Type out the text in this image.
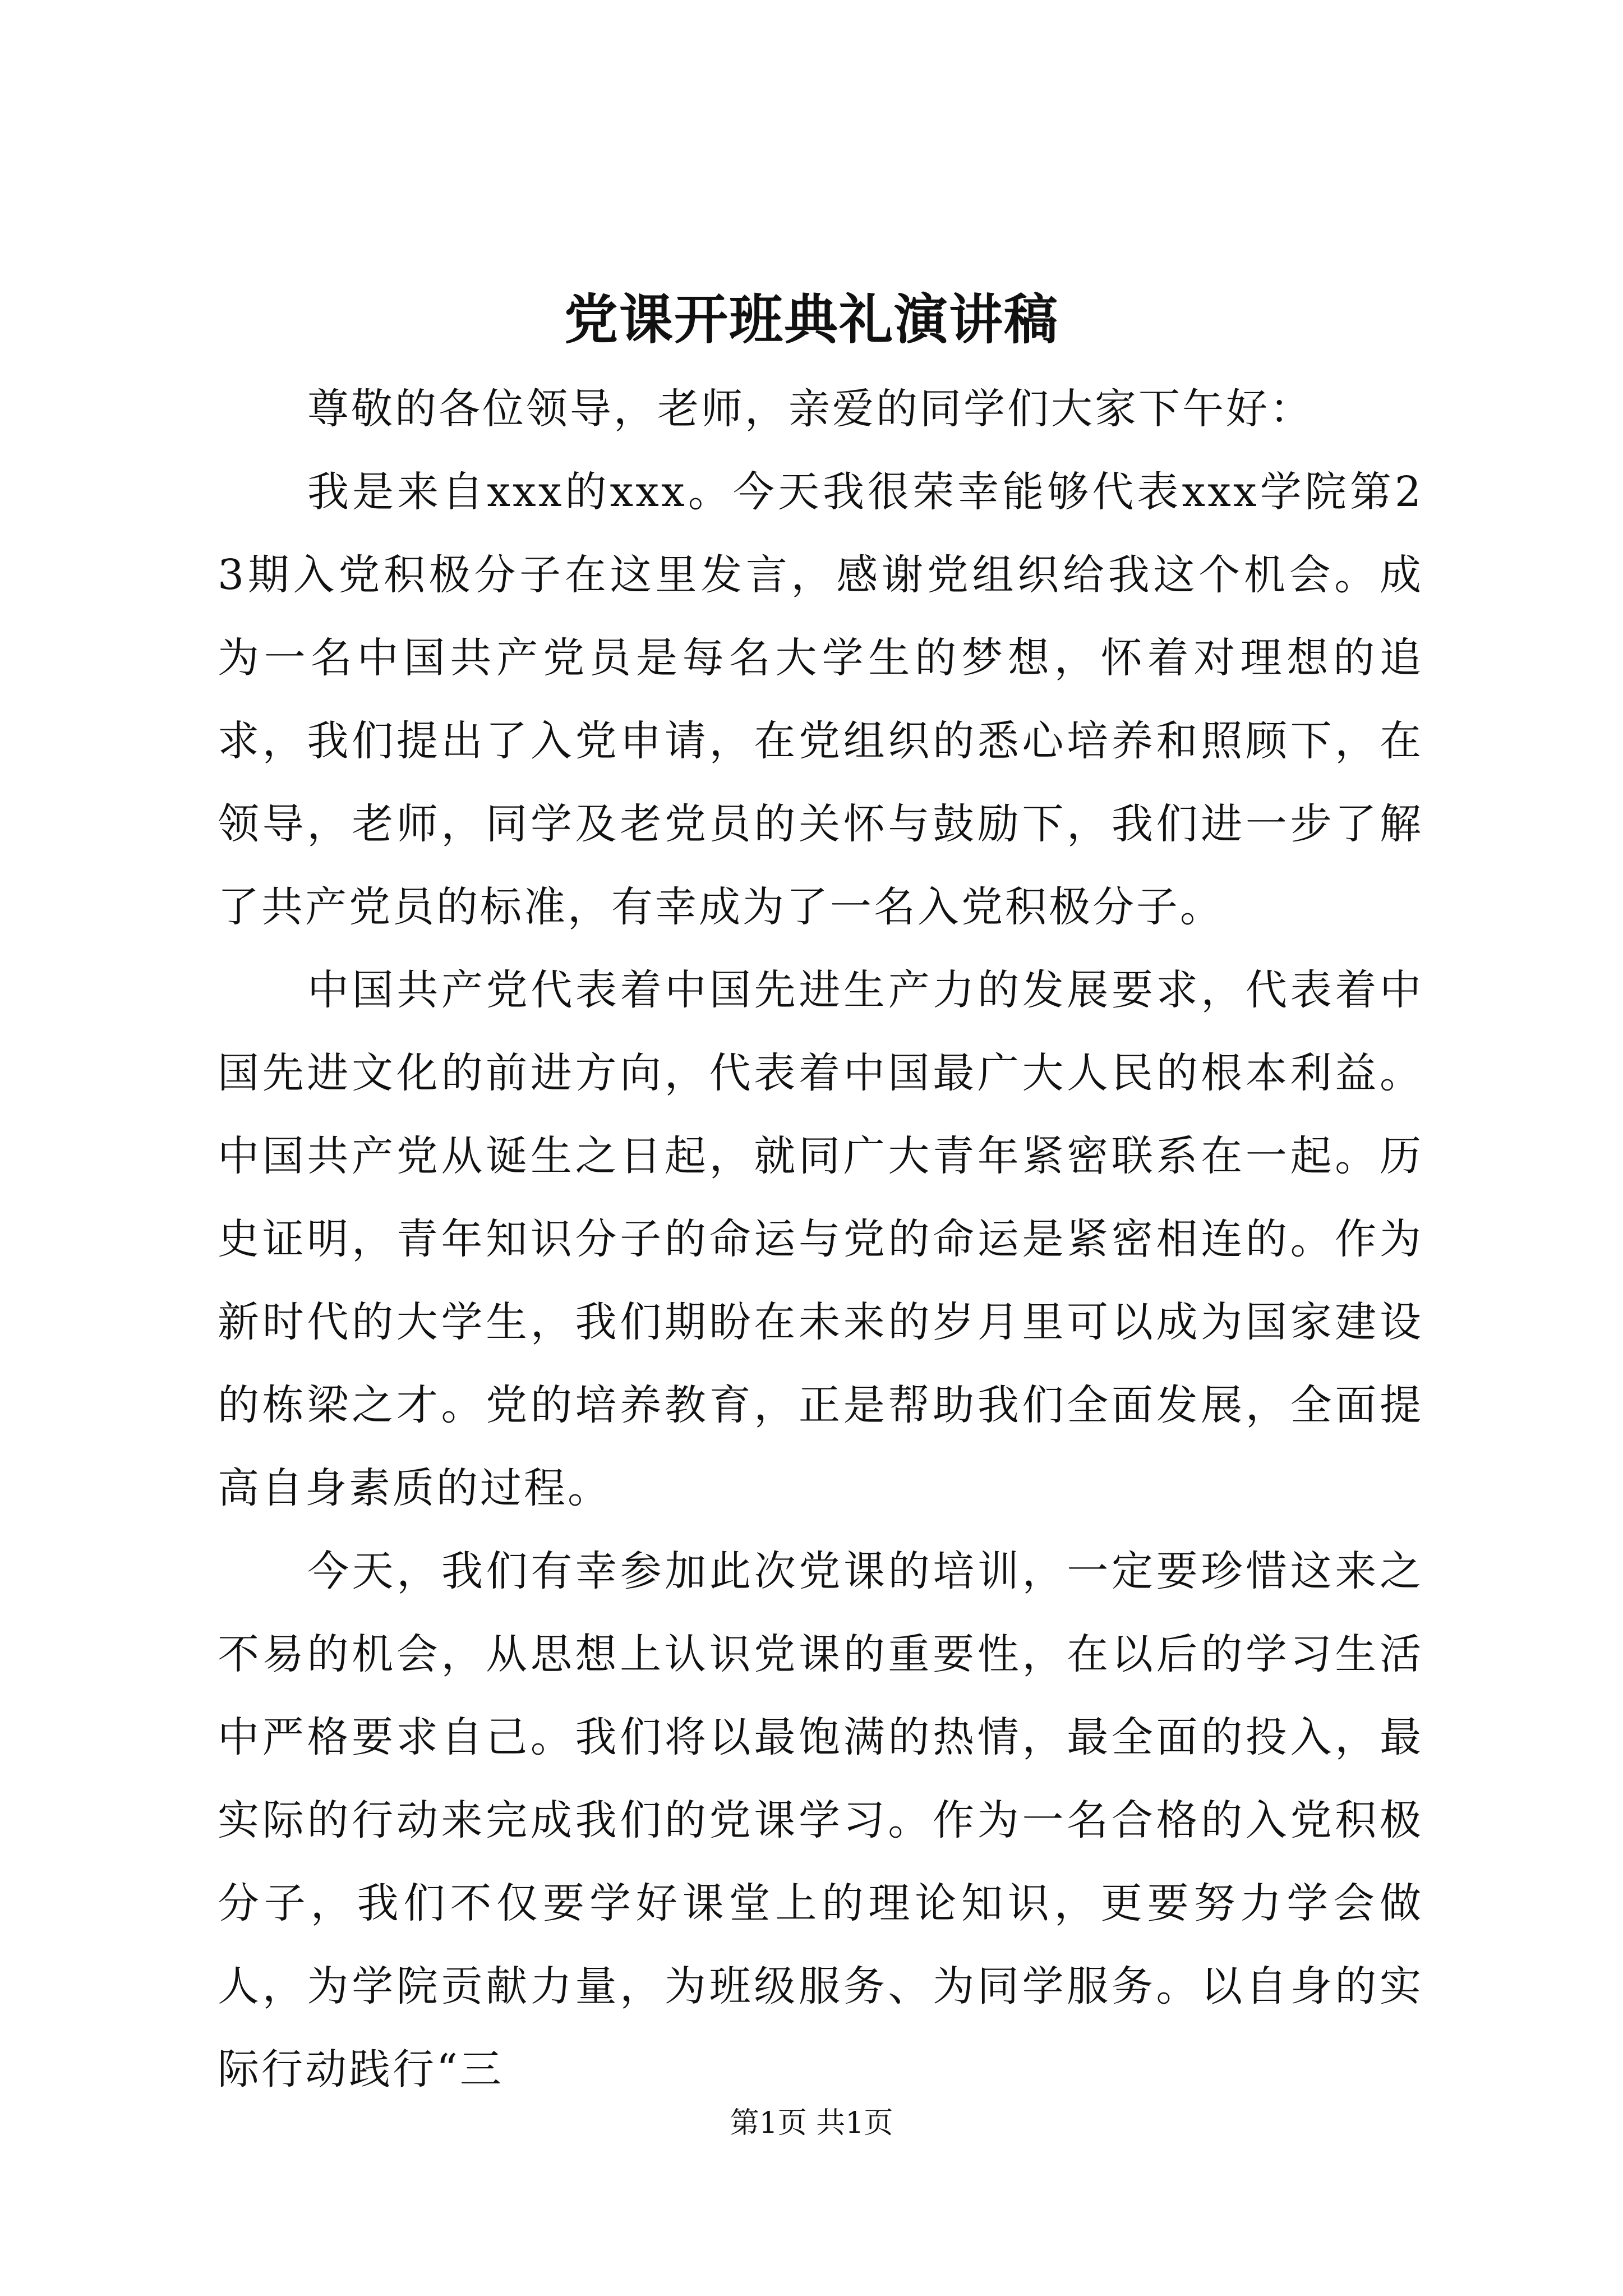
党课开班典礼演讲稿

尊敬的各位领导，老师，亲爱的同学们大家下午好：

我是来自xxx的xxx。今天我很荣幸能够代表xxx学院第23期入党积极分子在这里发言，感谢党组织给我这个机会。成为一名中国共产党员是每名大学生的梦想，怀着对理想的追求，我们提出了入党申请，在党组织的悉心培养和照顾下，在领导，老师，同学及老党员的关怀与鼓励下，我们进一步了解了共产党员的标准，有幸成为了一名入党积极分子。

中国共产党代表着中国先进生产力的发展要求，代表着中国先进文化的前进方向，代表着中国最广大人民的根本利益。中国共产党从诞生之日起，就同广大青年紧密联系在一起。历史证明，青年知识分子的命运与党的命运是紧密相连的。作为新时代的大学生，我们期盼在未来的岁月里可以成为国家建设的栋梁之才。党的培养教育，正是帮助我们全面发展，全面提高自身素质的过程。

今天，我们有幸参加此次党课的培训，一定要珍惜这来之不易的机会，从思想上认识党课的重要性，在以后的学习生活中严格要求自己。我们将以最饱满的热情，最全面的投入，最实际的行动来完成我们的党课学习。作为一名合格的入党积极分子，我们不仅要学好课堂上的理论知识，更要努力学会做人，为学院贡献力量，为班级服务、为同学服务。以自身的实际行动践行“三

第1页 共1页
